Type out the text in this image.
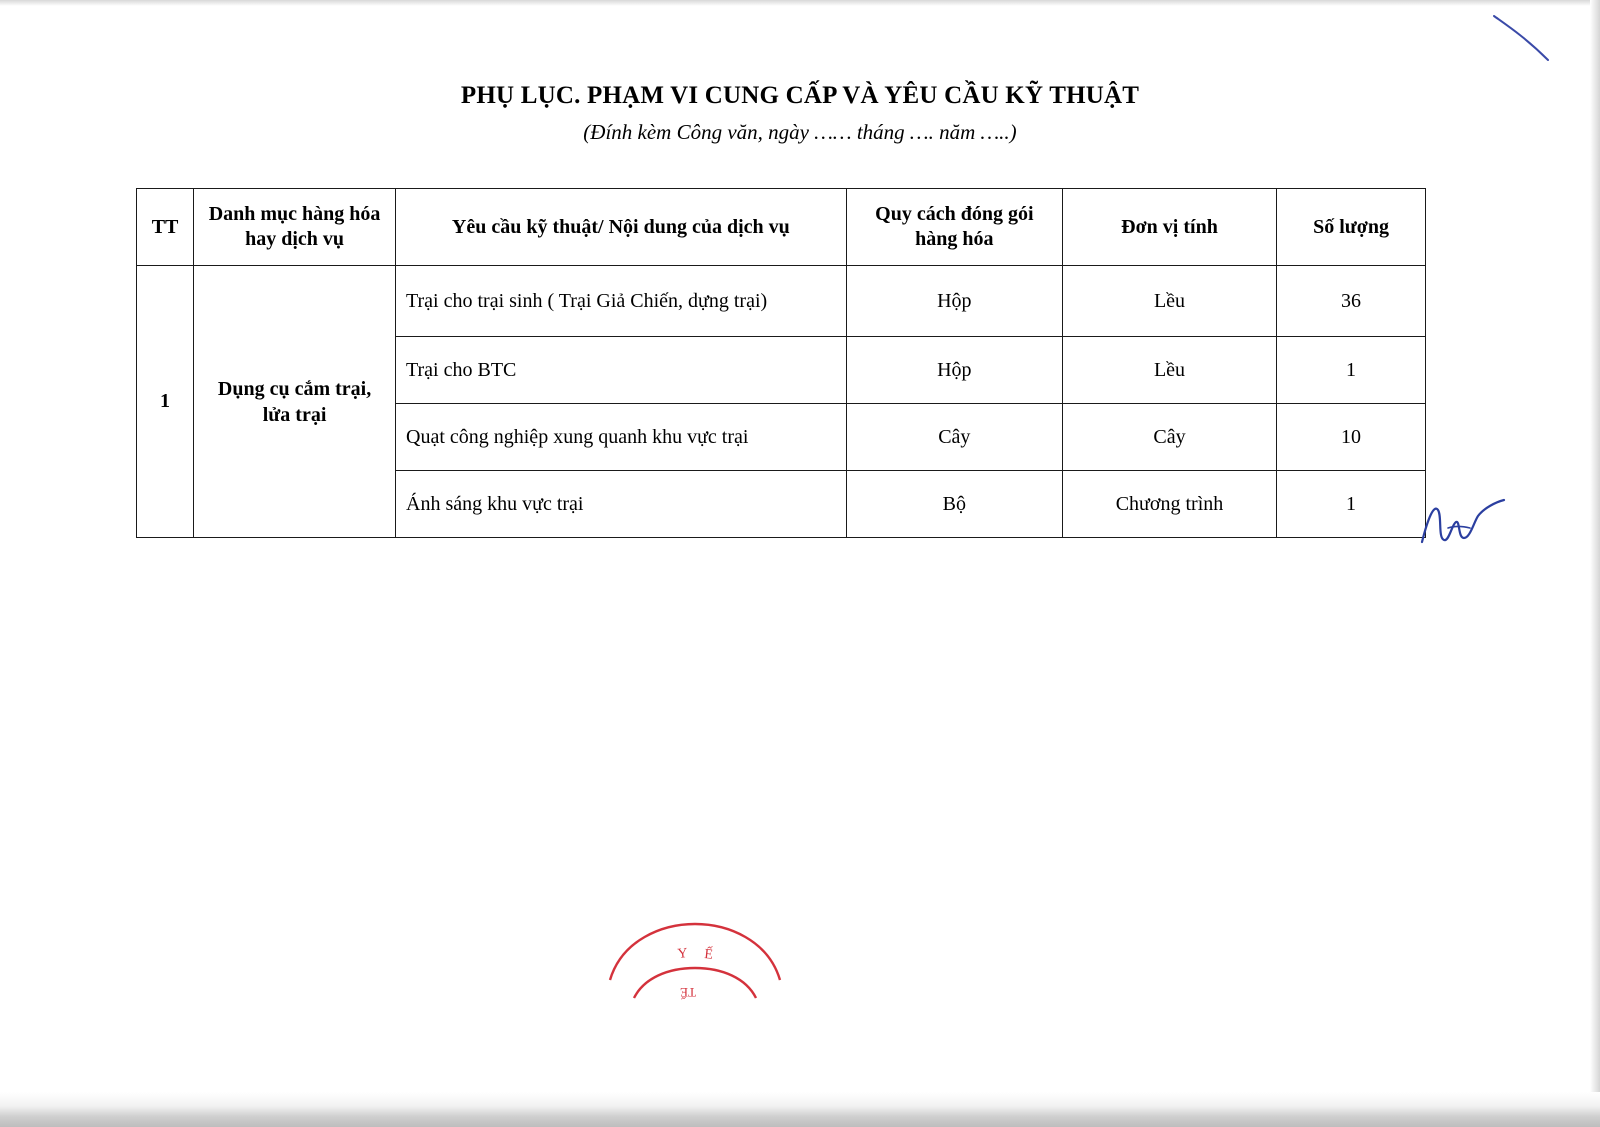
PHỤ LỤC. PHẠM VI CUNG CẤP VÀ YÊU CẦU KỸ THUẬT
(Đính kèm Công văn, ngày …… tháng …. năm …..)
TT	Danh mục hàng hóa hay dịch vụ	Yêu cầu kỹ thuật/ Nội dung của dịch vụ	Quy cách đóng gói hàng hóa	Đơn vị tính	Số lượng
1	Dụng cụ cắm trại, lửa trại	Trại cho trại sinh ( Trại Giả Chiến, dựng trại)	Hộp	Lều	36
		Trại cho BTC	Hộp	Lều	1
		Quạt công nghiệp xung quanh khu vực trại	Cây	Cây	10
		Ánh sáng khu vực trại	Bộ	Chương trình	1
Y Ế
TẾ
